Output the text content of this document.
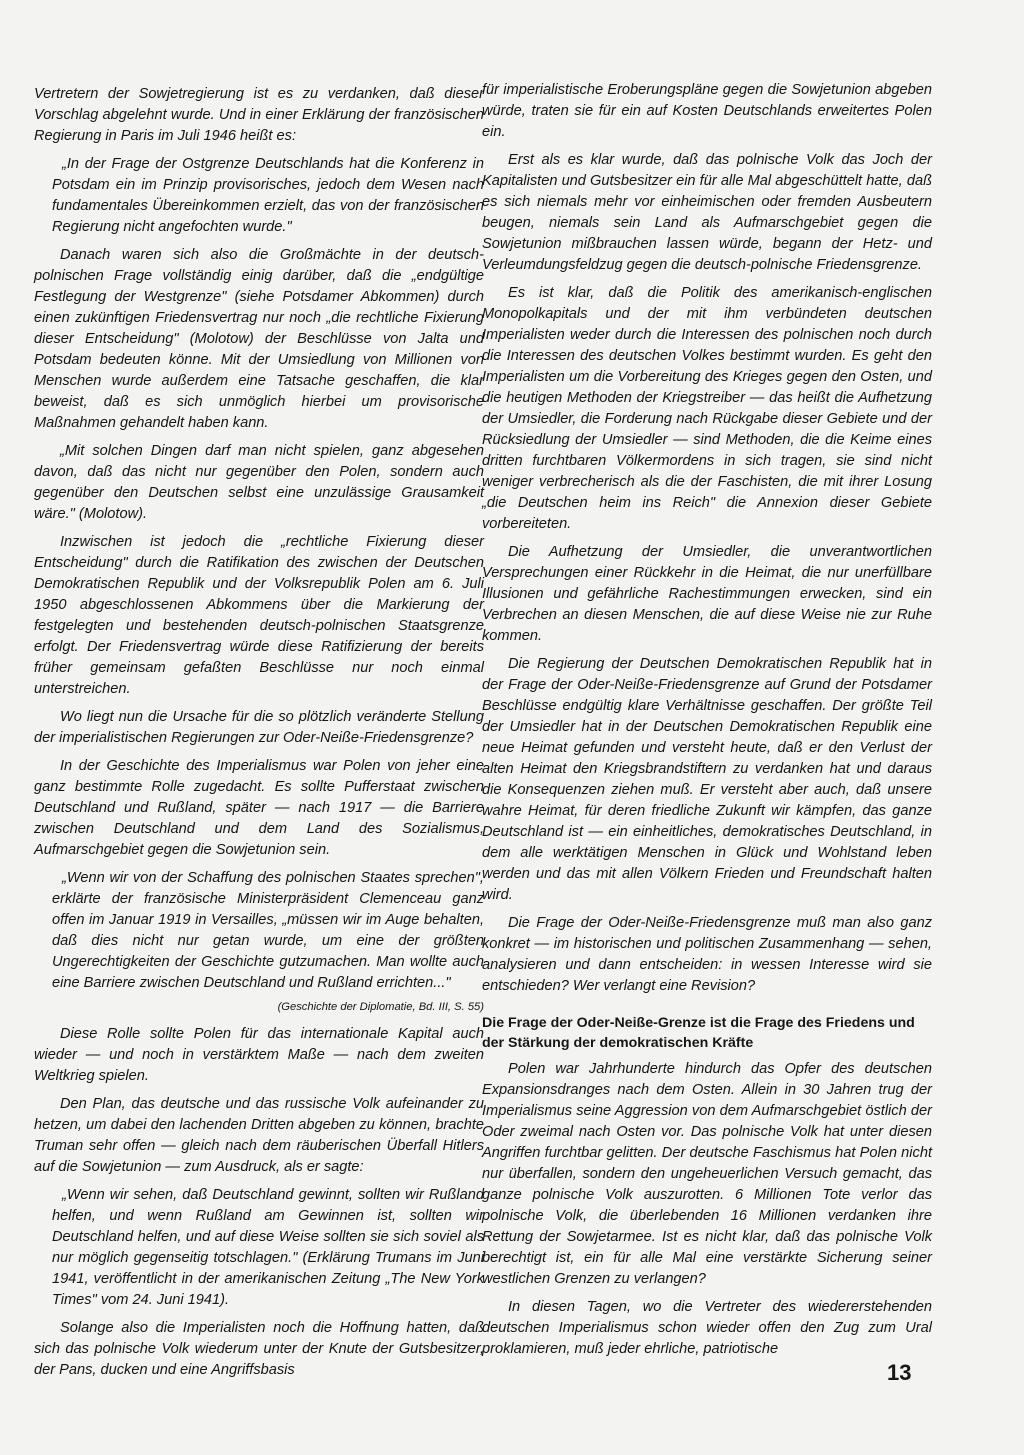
Vertretern der Sowjetregierung ist es zu verdanken, daß dieser Vorschlag abgelehnt wurde. Und in einer Erklärung der französischen Regierung in Paris im Juli 1946 heißt es:

„In der Frage der Ostgrenze Deutschlands hat die Konferenz in Potsdam ein im Prinzip provisorisches, jedoch dem Wesen nach fundamentales Übereinkommen erzielt, das von der französischen Regierung nicht angefochten wurde."

Danach waren sich also die Großmächte in der deutsch-polnischen Frage vollständig einig darüber, daß die „endgültige Festlegung der Westgrenze" (siehe Potsdamer Abkommen) durch einen zukünftigen Friedensvertrag nur noch „die rechtliche Fixierung dieser Entscheidung" (Molotow) der Beschlüsse von Jalta und Potsdam bedeuten könne. Mit der Umsiedlung von Millionen von Menschen wurde außerdem eine Tatsache geschaffen, die klar beweist, daß es sich unmöglich hierbei um provisorische Maßnahmen gehandelt haben kann.

„Mit solchen Dingen darf man nicht spielen, ganz abgesehen davon, daß das nicht nur gegenüber den Polen, sondern auch gegenüber den Deutschen selbst eine unzulässige Grausamkeit wäre." (Molotow).

Inzwischen ist jedoch die „rechtliche Fixierung dieser Entscheidung" durch die Ratifikation des zwischen der Deutschen Demokratischen Republik und der Volksrepublik Polen am 6. Juli 1950 abgeschlossenen Abkommens über die Markierung der festgelegten und bestehenden deutsch-polnischen Staatsgrenze erfolgt. Der Friedensvertrag würde diese Ratifizierung der bereits früher gemeinsam gefaßten Beschlüsse nur noch einmal unterstreichen.

Wo liegt nun die Ursache für die so plötzlich veränderte Stellung der imperialistischen Regierungen zur Oder-Neiße-Friedensgrenze?

In der Geschichte des Imperialismus war Polen von jeher eine ganz bestimmte Rolle zugedacht. Es sollte Pufferstaat zwischen Deutschland und Rußland, später — nach 1917 — die Barriere zwischen Deutschland und dem Land des Sozialismus, Aufmarschgebiet gegen die Sowjetunion sein.

„Wenn wir von der Schaffung des polnischen Staates sprechen", erklärte der französische Ministerpräsident Clemenceau ganz offen im Januar 1919 in Versailles, „müssen wir im Auge behalten, daß dies nicht nur getan wurde, um eine der größten Ungerechtigkeiten der Geschichte gutzumachen. Man wollte auch eine Barriere zwischen Deutschland und Rußland errichten..."

(Geschichte der Diplomatie, Bd. III, S. 55)

Diese Rolle sollte Polen für das internationale Kapital auch wieder — und noch in verstärktem Maße — nach dem zweiten Weltkrieg spielen.

Den Plan, das deutsche und das russische Volk aufeinander zu hetzen, um dabei den lachenden Dritten abgeben zu können, brachte Truman sehr offen — gleich nach dem räuberischen Überfall Hitlers auf die Sowjetunion — zum Ausdruck, als er sagte:

„Wenn wir sehen, daß Deutschland gewinnt, sollten wir Rußland helfen, und wenn Rußland am Gewinnen ist, sollten wir Deutschland helfen, und auf diese Weise sollten sie sich soviel als nur möglich gegenseitig totschlagen." (Erklärung Trumans im Juni 1941, veröffentlicht in der amerikanischen Zeitung „The New York Times" vom 24. Juni 1941).

Solange also die Imperialisten noch die Hoffnung hatten, daß sich das polnische Volk wiederum unter der Knute der Gutsbesitzer, der Pans, ducken und eine Angriffsbasis

für imperialistische Eroberungspläne gegen die Sowjetunion abgeben würde, traten sie für ein auf Kosten Deutschlands erweitertes Polen ein.

Erst als es klar wurde, daß das polnische Volk das Joch der Kapitalisten und Gutsbesitzer ein für alle Mal abgeschüttelt hatte, daß es sich niemals mehr vor einheimischen oder fremden Ausbeutern beugen, niemals sein Land als Aufmarschgebiet gegen die Sowjetunion mißbrauchen lassen würde, begann der Hetz- und Verleumdungsfeldzug gegen die deutsch-polnische Friedensgrenze.

Es ist klar, daß die Politik des amerikanisch-englischen Monopolkapitals und der mit ihm verbündeten deutschen Imperialisten weder durch die Interessen des polnischen noch durch die Interessen des deutschen Volkes bestimmt wurden. Es geht den Imperialisten um die Vorbereitung des Krieges gegen den Osten, und die heutigen Methoden der Kriegstreiber — das heißt die Aufhetzung der Umsiedler, die Forderung nach Rückgabe dieser Gebiete und der Rücksiedlung der Umsiedler — sind Methoden, die die Keime eines dritten furchtbaren Völkermordens in sich tragen, sie sind nicht weniger verbrecherisch als die der Faschisten, die mit ihrer Losung „die Deutschen heim ins Reich" die Annexion dieser Gebiete vorbereiteten.

Die Aufhetzung der Umsiedler, die unverantwortlichen Versprechungen einer Rückkehr in die Heimat, die nur unerfüllbare Illusionen und gefährliche Rachestimmungen erwecken, sind ein Verbrechen an diesen Menschen, die auf diese Weise nie zur Ruhe kommen.

Die Regierung der Deutschen Demokratischen Republik hat in der Frage der Oder-Neiße-Friedensgrenze auf Grund der Potsdamer Beschlüsse endgültig klare Verhältnisse geschaffen. Der größte Teil der Umsiedler hat in der Deutschen Demokratischen Republik eine neue Heimat gefunden und versteht heute, daß er den Verlust der alten Heimat den Kriegsbrandstiftern zu verdanken hat und daraus die Konsequenzen ziehen muß. Er versteht aber auch, daß unsere wahre Heimat, für deren friedliche Zukunft wir kämpfen, das ganze Deutschland ist — ein einheitliches, demokratisches Deutschland, in dem alle werktätigen Menschen in Glück und Wohlstand leben werden und das mit allen Völkern Frieden und Freundschaft halten wird.

Die Frage der Oder-Neiße-Friedensgrenze muß man also ganz konkret — im historischen und politischen Zusammenhang — sehen, analysieren und dann entscheiden: in wessen Interesse wird sie entschieden? Wer verlangt eine Revision?

Die Frage der Oder-Neiße-Grenze ist die Frage des Friedens und der Stärkung der demokratischen Kräfte

Polen war Jahrhunderte hindurch das Opfer des deutschen Expansionsdranges nach dem Osten. Allein in 30 Jahren trug der Imperialismus seine Aggression von dem Aufmarschgebiet östlich der Oder zweimal nach Osten vor. Das polnische Volk hat unter diesen Angriffen furchtbar gelitten. Der deutsche Faschismus hat Polen nicht nur überfallen, sondern den ungeheuerlichen Versuch gemacht, das ganze polnische Volk auszurotten. 6 Millionen Tote verlor das polnische Volk, die überlebenden 16 Millionen verdanken ihre Rettung der Sowjetarmee. Ist es nicht klar, daß das polnische Volk berechtigt ist, ein für alle Mal eine verstärkte Sicherung seiner westlichen Grenzen zu verlangen?

In diesen Tagen, wo die Vertreter des wiedererstehenden deutschen Imperialismus schon wieder offen den Zug zum Ural proklamieren, muß jeder ehrliche, patriotische

13
